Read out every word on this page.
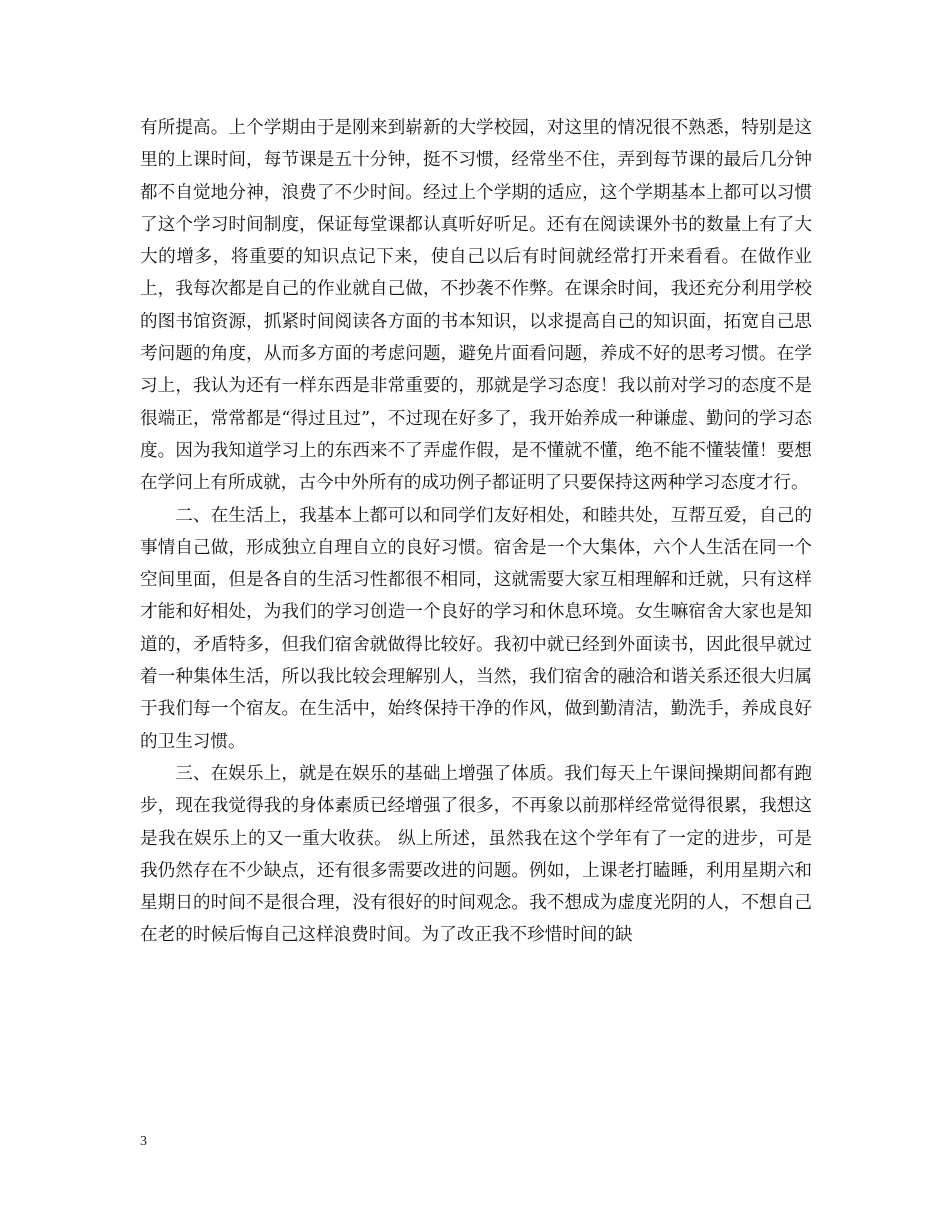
有所提高。上个学期由于是刚来到崭新的大学校园，对这里的情况很不熟悉，特别是这里的上课时间，每节课是五十分钟，挺不习惯，经常坐不住，弄到每节课的最后几分钟都不自觉地分神，浪费了不少时间。经过上个学期的适应，这个学期基本上都可以习惯了这个学习时间制度，保证每堂课都认真听好听足。还有在阅读课外书的数量上有了大大的增多，将重要的知识点记下来，使自己以后有时间就经常打开来看看。在做作业上，我每次都是自己的作业就自己做，不抄袭不作弊。在课余时间，我还充分利用学校的图书馆资源，抓紧时间阅读各方面的书本知识，以求提高自己的知识面，拓宽自己思考问题的角度，从而多方面的考虑问题，避免片面看问题，养成不好的思考习惯。在学习上，我认为还有一样东西是非常重要的，那就是学习态度！我以前对学习的态度不是很端正，常常都是“得过且过”，不过现在好多了，我开始养成一种谦虚、勤问的学习态度。因为我知道学习上的东西来不了弄虚作假，是不懂就不懂，绝不能不懂装懂！要想在学问上有所成就，古今中外所有的成功例子都证明了只要保持这两种学习态度才行。

二、在生活上，我基本上都可以和同学们友好相处，和睦共处，互帮互爱，自己的事情自己做，形成独立自理自立的良好习惯。宿舍是一个大集体，六个人生活在同一个空间里面，但是各自的生活习性都很不相同，这就需要大家互相理解和迁就，只有这样才能和好相处，为我们的学习创造一个良好的学习和休息环境。女生嘛宿舍大家也是知道的，矛盾特多，但我们宿舍就做得比较好。我初中就已经到外面读书，因此很早就过着一种集体生活，所以我比较会理解别人，当然，我们宿舍的融洽和谐关系还很大归属于我们每一个宿友。在生活中，始终保持干净的作风，做到勤清洁，勤洗手，养成良好的卫生习惯。

三、在娱乐上，就是在娱乐的基础上增强了体质。我们每天上午课间操期间都有跑步，现在我觉得我的身体素质已经增强了很多，不再象以前那样经常觉得很累，我想这是我在娱乐上的又一重大收获。 纵上所述，虽然我在这个学年有了一定的进步，可是我仍然存在不少缺点，还有很多需要改进的问题。例如，上课老打瞌睡，利用星期六和星期日的时间不是很合理，没有很好的时间观念。我不想成为虚度光阴的人，不想自己在老的时候后悔自己这样浪费时间。为了改正我不珍惜时间的缺

3
